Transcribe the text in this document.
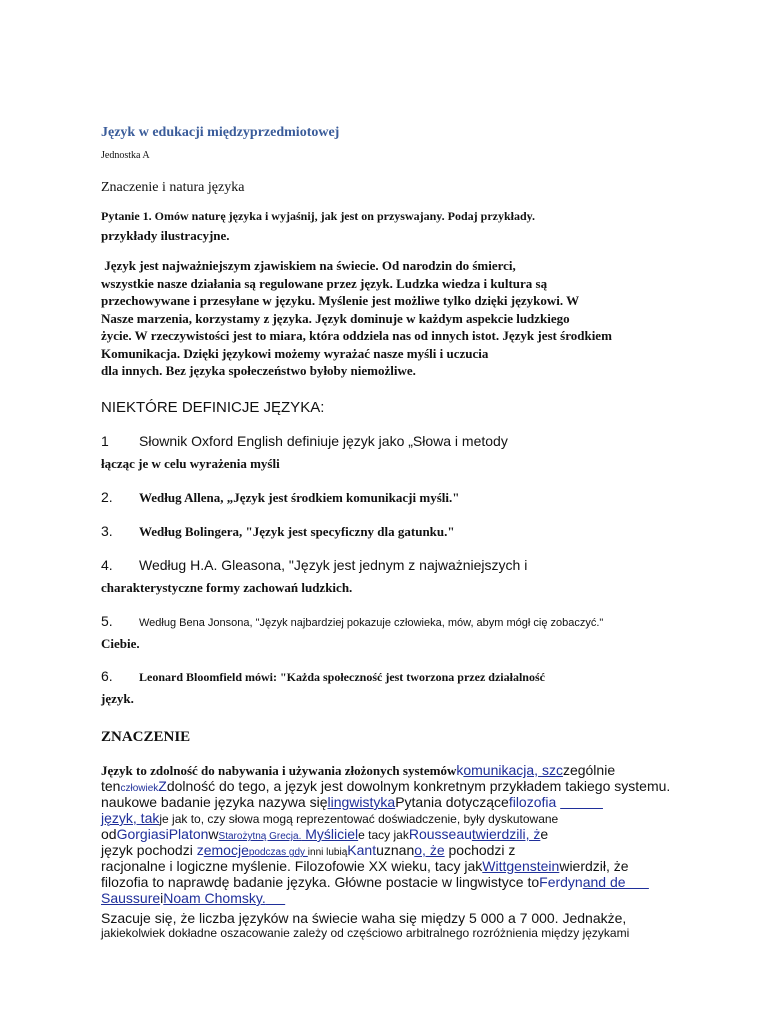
Język w edukacji międzyprzedmiotowej
Jednostka A
Znaczenie i natura języka
Pytanie 1. Omów naturę języka i wyjaśnij, jak jest on przyswajany. Podaj przykłady.
przykłady ilustracyjne.
Język jest najważniejszym zjawiskiem na świecie. Od narodzin do śmierci,
wszystkie nasze działania są regulowane przez język. Ludzka wiedza i kultura są
przechowywane i przesyłane w języku. Myślenie jest możliwe tylko dzięki językowi. W
Nasze marzenia, korzystamy z języka. Język dominuje w każdym aspekcie ludzkiego
życie. W rzeczywistości jest to miara, która oddziela nas od innych istot. Język jest środkiem
Komunikacja. Dzięki językowi możemy wyrażać nasze myśli i uczucia
dla innych. Bez języka społeczeństwo byłoby niemożliwe.
NIEKTÓRE DEFINICJE JĘZYKA:
1 Słownik Oxford English definiuje język jako „Słowa i metody
łącząc je w celu wyrażenia myśli
2. Według Allena, „Język jest środkiem komunikacji myśli."
3. Według Bolingera, "Język jest specyficzny dla gatunku."
4. Według H.A. Gleasona, "Język jest jednym z najważniejszych i
charakterystyczne formy zachowań ludzkich.
5. Według Bena Jonsona, "Język najbardziej pokazuje człowieka, mów, abym mógł cię zobaczyć."
Ciebie.
6. Leonard Bloomfield mówi: "Każda społeczność jest tworzona przez działalność
język.
ZNACZENIE
Język to zdolność do nabywania i używania złożonych systemówkomunikacja, szczególnie
tenczłowiekZdolność do tego, a język jest dowolnym konkretnym przykładem takiego systemu.
naukowe badanie języka nazywa sięlingwistykaPytania dotyczącefilozofia
język, takje jak to, czy słowa mogą reprezentować doświadczenie, były dyskutowane
odGorgiasiPlatonwStarożytną Grecja. Myśliciele tacy jakRousseautwierdzili, że
język pochodzi zemocjepodczas gdy inni lubiąKantuznano, że pochodzi z
racjonalne i logiczne myślenie. Filozofowie XX wieku, tacy jakWittgensteinwierdził, że
filozofia to naprawdę badanie języka. Główne postacie w lingwistyce toFerdynand de
SaussureiNoam Chomsky.
Szacuje się, że liczba języków na świecie waha się między 5 000 a 7 000. Jednakże,
jakiekolwiek dokładne oszacowanie zależy od częściowo arbitralnego rozróżnienia między językami
